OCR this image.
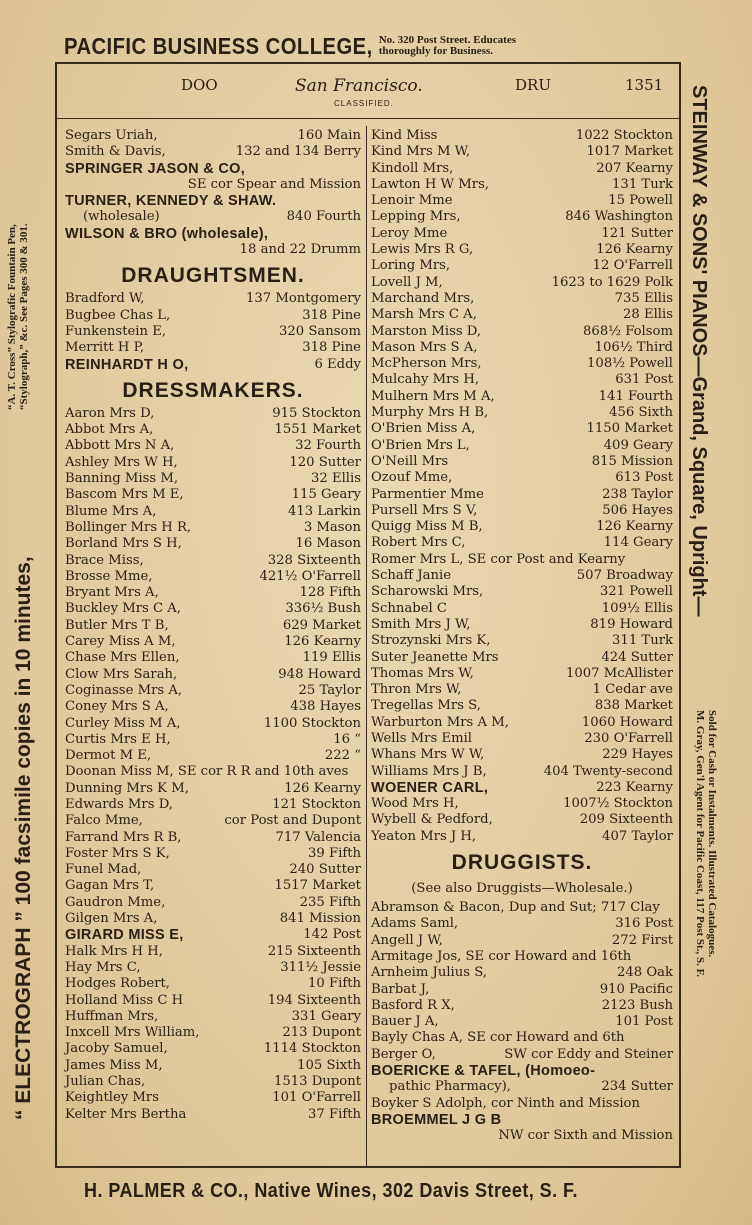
PACIFIC BUSINESS COLLEGE, No. 320 Post Street. Educates
thoroughly for Business.
DOO	San Francisco.	DRU	1351
CLASSIFIED.
Segars Uriah,	160 Main
Smith & Davis,	132 and 134 Berry
SPRINGER JASON & CO,
SE cor Spear and Mission
TURNER, KENNEDY & SHAW.
(wholesale)	840 Fourth
WILSON & BRO (wholesale),
18 and 22 Drumm
DRAUGHTSMEN.
Bradford W,	137 Montgomery
Bugbee Chas L,	318 Pine
Funkenstein E,	320 Sansom
Merritt H P,	318 Pine
REINHARDT H O,	6 Eddy
DRESSMAKERS.
Aaron Mrs D,	915 Stockton
Abbot Mrs A,	1551 Market
Abbott Mrs N A,	32 Fourth
Ashley Mrs W H,	120 Sutter
Banning Miss M,	32 Ellis
Bascom Mrs M E,	115 Geary
Blume Mrs A,	413 Larkin
Bollinger Mrs H R,	3 Mason
Borland Mrs S H,	16 Mason
Brace Miss,	328 Sixteenth
Brosse Mme,	421½ O'Farrell
Bryant Mrs A,	128 Fifth
Buckley Mrs C A,	336½ Bush
Butler Mrs T B,	629 Market
Carey Miss A M,	126 Kearny
Chase Mrs Ellen,	119 Ellis
Clow Mrs Sarah,	948 Howard
Coginasse Mrs A,	25 Taylor
Coney Mrs S A,	438 Hayes
Curley Miss M A,	1100 Stockton
Curtis Mrs E H,	16 “
Dermot M E,	222 “
Doonan Miss M, SE cor R R and 10th aves
Dunning Mrs K M,	126 Kearny
Edwards Mrs D,	121 Stockton
Falco Mme,	cor Post and Dupont
Farrand Mrs R B,	717 Valencia
Foster Mrs S K,	39 Fifth
Funel Mad,	240 Sutter
Gagan Mrs T,	1517 Market
Gaudron Mme,	235 Fifth
Gilgen Mrs A,	841 Mission
GIRARD MISS E,	142 Post
Halk Mrs H H,	215 Sixteenth
Hay Mrs C,	311½ Jessie
Hodges Robert,	10 Fifth
Holland Miss C H	194 Sixteenth
Huffman Mrs,	331 Geary
Inxcell Mrs William,	213 Dupont
Jacoby Samuel,	1114 Stockton
James Miss M,	105 Sixth
Julian Chas,	1513 Dupont
Keightley Mrs	101 O'Farrell
Kelter Mrs Bertha	37 Fifth
Kind Miss	1022 Stockton
Kind Mrs M W,	1017 Market
Kindoll Mrs,	207 Kearny
Lawton H W Mrs,	131 Turk
Lenoir Mme	15 Powell
Lepping Mrs,	846 Washington
Leroy Mme	121 Sutter
Lewis Mrs R G,	126 Kearny
Loring Mrs,	12 O'Farrell
Lovell J M,	1623 to 1629 Polk
Marchand Mrs,	735 Ellis
Marsh Mrs C A,	28 Ellis
Marston Miss D,	868½ Folsom
Mason Mrs S A,	106½ Third
McPherson Mrs,	108½ Powell
Mulcahy Mrs H,	631 Post
Mulhern Mrs M A,	141 Fourth
Murphy Mrs H B,	456 Sixth
O'Brien Miss A,	1150 Market
O'Brien Mrs L,	409 Geary
O'Neill Mrs	815 Mission
Ozouf Mme,	613 Post
Parmentier Mme	238 Taylor
Pursell Mrs S V,	506 Hayes
Quigg Miss M B,	126 Kearny
Robert Mrs C,	114 Geary
Romer Mrs L, SE cor Post and Kearny
Schaff Janie	507 Broadway
Scharowski Mrs,	321 Powell
Schnabel C	109½ Ellis
Smith Mrs J W,	819 Howard
Strozynski Mrs K,	311 Turk
Suter Jeanette Mrs	424 Sutter
Thomas Mrs W,	1007 McAllister
Thron Mrs W,	1 Cedar ave
Tregellas Mrs S,	838 Market
Warburton Mrs A M,	1060 Howard
Wells Mrs Emil	230 O'Farrell
Whans Mrs W W,	229 Hayes
Williams Mrs J B,	404 Twenty-second
WOENER CARL,	223 Kearny
Wood Mrs H,	1007½ Stockton
Wybell & Pedford,	209 Sixteenth
Yeaton Mrs J H,	407 Taylor
DRUGGISTS.
(See also Druggists—Wholesale.)
Abramson & Bacon, Dup and Sut; 717 Clay
Adams Saml,	316 Post
Angell J W,	272 First
Armitage Jos, SE cor Howard and 16th
Arnheim Julius S,	248 Oak
Barbat J,	910 Pacific
Basford R X,	2123 Bush
Bauer J A,	101 Post
Bayly Chas A, SE cor Howard and 6th
Berger O,	SW cor Eddy and Steiner
BOERICKE & TAFEL, (Homoeo-
pathic Pharmacy),	234 Sutter
Boyker S Adolph, cor Ninth and Mission
BROEMMEL J G B
NW cor Sixth and Mission
H. PALMER & CO., Native Wines, 302 Davis Street, S. F.
“ ELECTROGRAPH ” 100 facsimile copies in 10 minutes,
“A. T. Cross” Stylografic Fountain Pen,
“Stylograph,” &c. See Pages 300 & 301.	STEINWAY & SONS' PIANOS—Grand, Square, Upright—
Sold for Cash or Instalments. Illustrated Catalogues.
M. Gray, Gen'l Agent for Pacific Coast, 117 Post St., S. F.
